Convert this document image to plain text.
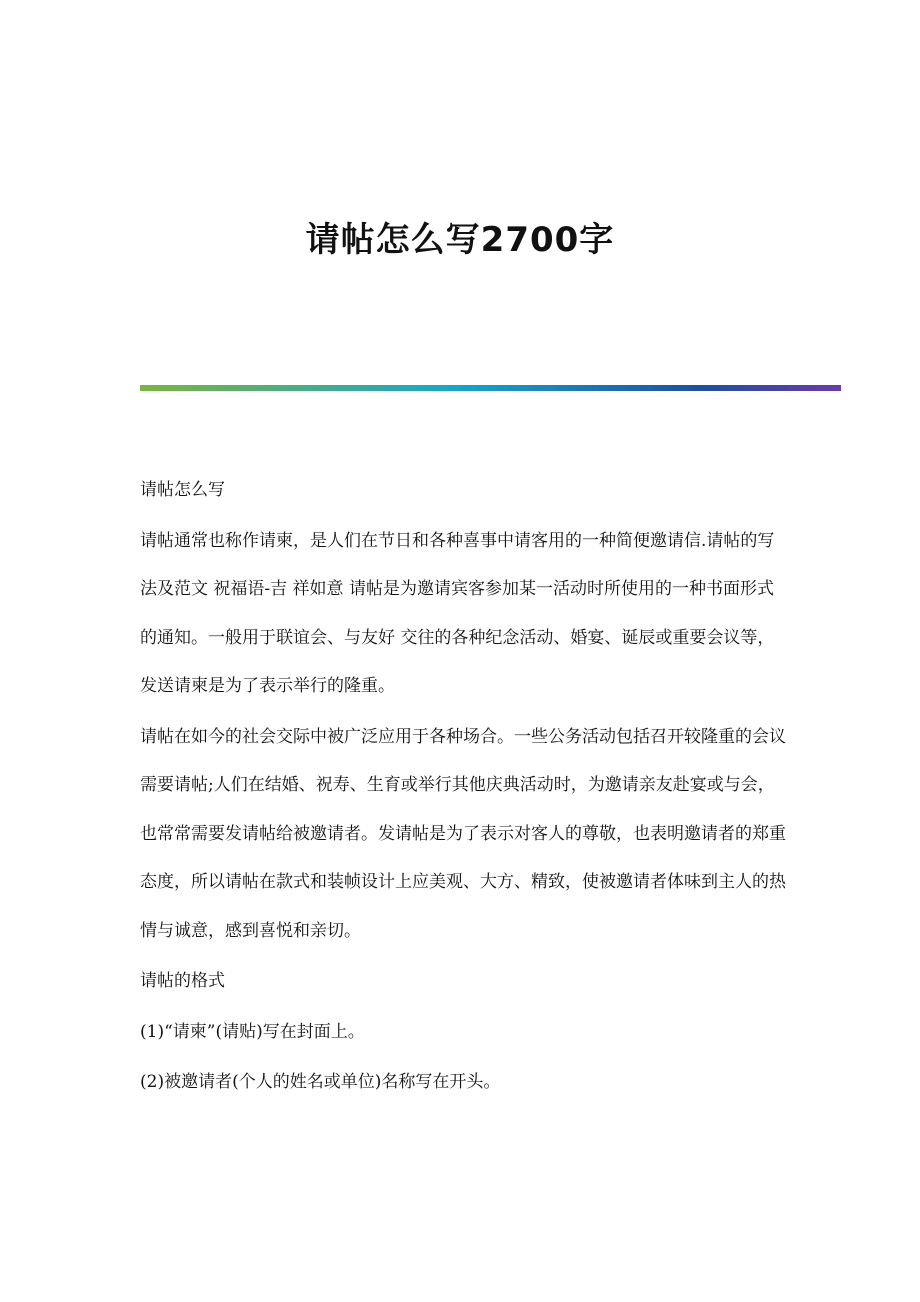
请帖怎么写2700字

请帖怎么写

请帖通常也称作请柬，是人们在节日和各种喜事中请客用的一种简便邀请信.请帖的写法及范文 祝福语-吉 祥如意 请帖是为邀请宾客参加某一活动时所使用的一种书面形式的通知。一般用于联谊会、与友好 交往的各种纪念活动、婚宴、诞辰或重要会议等，发送请柬是为了表示举行的隆重。

请帖在如今的社会交际中被广泛应用于各种场合。一些公务活动包括召开较隆重的会议需要请帖;人们在结婚、祝寿、生育或举行其他庆典活动时，为邀请亲友赴宴或与会，也常常需要发请帖给被邀请者。发请帖是为了表示对客人的尊敬，也表明邀请者的郑重态度，所以请帖在款式和装帧设计上应美观、大方、精致，使被邀请者体味到主人的热情与诚意，感到喜悦和亲切。

请帖的格式

(1)“请柬”(请贴)写在封面上。

(2)被邀请者(个人的姓名或单位)名称写在开头。
